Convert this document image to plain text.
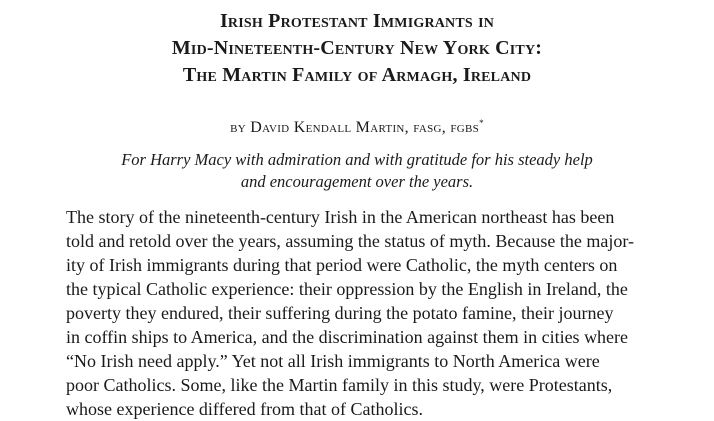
Irish Protestant Immigrants in
Mid-Nineteenth-Century New York City:
The Martin Family of Armagh, Ireland
by David Kendall Martin, fasg, fgbs*
For Harry Macy with admiration and with gratitude for his steady help
and encouragement over the years.
The story of the nineteenth-century Irish in the American northeast has been
told and retold over the years, assuming the status of myth. Because the major-
ity of Irish immigrants during that period were Catholic, the myth centers on
the typical Catholic experience: their oppression by the English in Ireland, the
poverty they endured, their suffering during the potato famine, their journey
in coffin ships to America, and the discrimination against them in cities where
“No Irish need apply.” Yet not all Irish immigrants to North America were
poor Catholics. Some, like the Martin family in this study, were Protestants,
whose experience differed from that of Catholics.
